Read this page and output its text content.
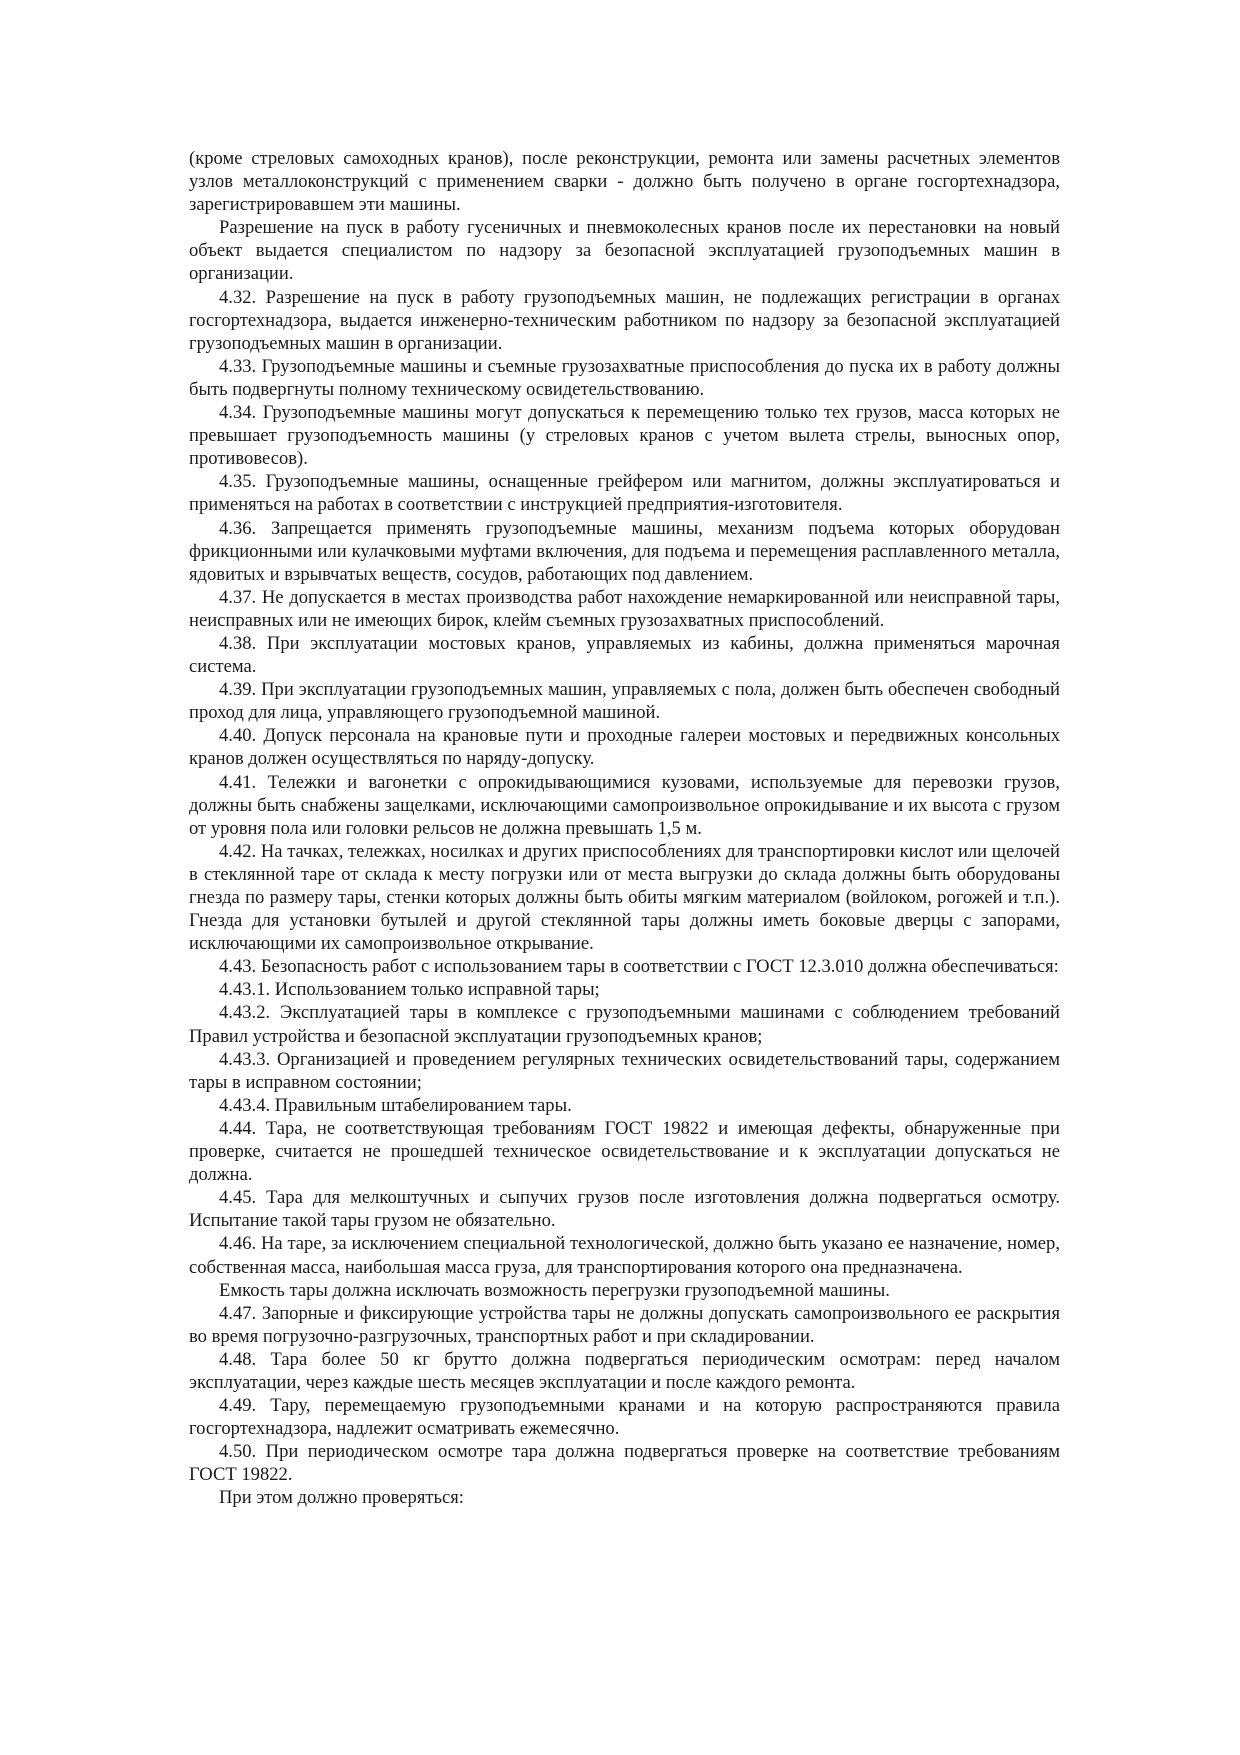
(кроме стреловых самоходных кранов), после реконструкции, ремонта или замены расчетных элементов узлов металлоконструкций с применением сварки - должно быть получено в органе госгортехнадзора, зарегистрировавшем эти машины.

Разрешение на пуск в работу гусеничных и пневмоколесных кранов после их перестановки на новый объект выдается специалистом по надзору за безопасной эксплуатацией грузоподъемных машин в организации.

4.32. Разрешение на пуск в работу грузоподъемных машин, не подлежащих регистрации в органах госгортехнадзора, выдается инженерно-техническим работником по надзору за безопасной эксплуатацией грузоподъемных машин в организации.

4.33. Грузоподъемные машины и съемные грузозахватные приспособления до пуска их в работу должны быть подвергнуты полному техническому освидетельствованию.

4.34. Грузоподъемные машины могут допускаться к перемещению только тех грузов, масса которых не превышает грузоподъемность машины (у стреловых кранов с учетом вылета стрелы, выносных опор, противовесов).

4.35. Грузоподъемные машины, оснащенные грейфером или магнитом, должны эксплуатироваться и применяться на работах в соответствии с инструкцией предприятия-изготовителя.

4.36. Запрещается применять грузоподъемные машины, механизм подъема которых оборудован фрикционными или кулачковыми муфтами включения, для подъема и перемещения расплавленного металла, ядовитых и взрывчатых веществ, сосудов, работающих под давлением.

4.37. Не допускается в местах производства работ нахождение немаркированной или неисправной тары, неисправных или не имеющих бирок, клейм съемных грузозахватных приспособлений.

4.38. При эксплуатации мостовых кранов, управляемых из кабины, должна применяться марочная система.

4.39. При эксплуатации грузоподъемных машин, управляемых с пола, должен быть обеспечен свободный проход для лица, управляющего грузоподъемной машиной.

4.40. Допуск персонала на крановые пути и проходные галереи мостовых и передвижных консольных кранов должен осуществляться по наряду-допуску.

4.41. Тележки и вагонетки с опрокидывающимися кузовами, используемые для перевозки грузов, должны быть снабжены защелками, исключающими самопроизвольное опрокидывание и их высота с грузом от уровня пола или головки рельсов не должна превышать 1,5 м.

4.42. На тачках, тележках, носилках и других приспособлениях для транспортировки кислот или щелочей в стеклянной таре от склада к месту погрузки или от места выгрузки до склада должны быть оборудованы гнезда по размеру тары, стенки которых должны быть обиты мягким материалом (войлоком, рогожей и т.п.). Гнезда для установки бутылей и другой стеклянной тары должны иметь боковые дверцы с запорами, исключающими их самопроизвольное открывание.

4.43. Безопасность работ с использованием тары в соответствии с ГОСТ 12.3.010 должна обеспечиваться:

4.43.1. Использованием только исправной тары;

4.43.2. Эксплуатацией тары в комплексе с грузоподъемными машинами с соблюдением требований Правил устройства и безопасной эксплуатации грузоподъемных кранов;

4.43.3. Организацией и проведением регулярных технических освидетельствований тары, содержанием тары в исправном состоянии;

4.43.4. Правильным штабелированием тары.

4.44. Тара, не соответствующая требованиям ГОСТ 19822 и имеющая дефекты, обнаруженные при проверке, считается не прошедшей техническое освидетельствование и к эксплуатации допускаться не должна.

4.45. Тара для мелкоштучных и сыпучих грузов после изготовления должна подвергаться осмотру. Испытание такой тары грузом не обязательно.

4.46. На таре, за исключением специальной технологической, должно быть указано ее назначение, номер, собственная масса, наибольшая масса груза, для транспортирования которого она предназначена.

Емкость тары должна исключать возможность перегрузки грузоподъемной машины.

4.47. Запорные и фиксирующие устройства тары не должны допускать самопроизвольного ее раскрытия во время погрузочно-разгрузочных, транспортных работ и при складировании.

4.48. Тара более 50 кг брутто должна подвергаться периодическим осмотрам: перед началом эксплуатации, через каждые шесть месяцев эксплуатации и после каждого ремонта.

4.49. Тару, перемещаемую грузоподъемными кранами и на которую распространяются правила госгортехнадзора, надлежит осматривать ежемесячно.

4.50. При периодическом осмотре тара должна подвергаться проверке на соответствие требованиям ГОСТ 19822.

При этом должно проверяться:
